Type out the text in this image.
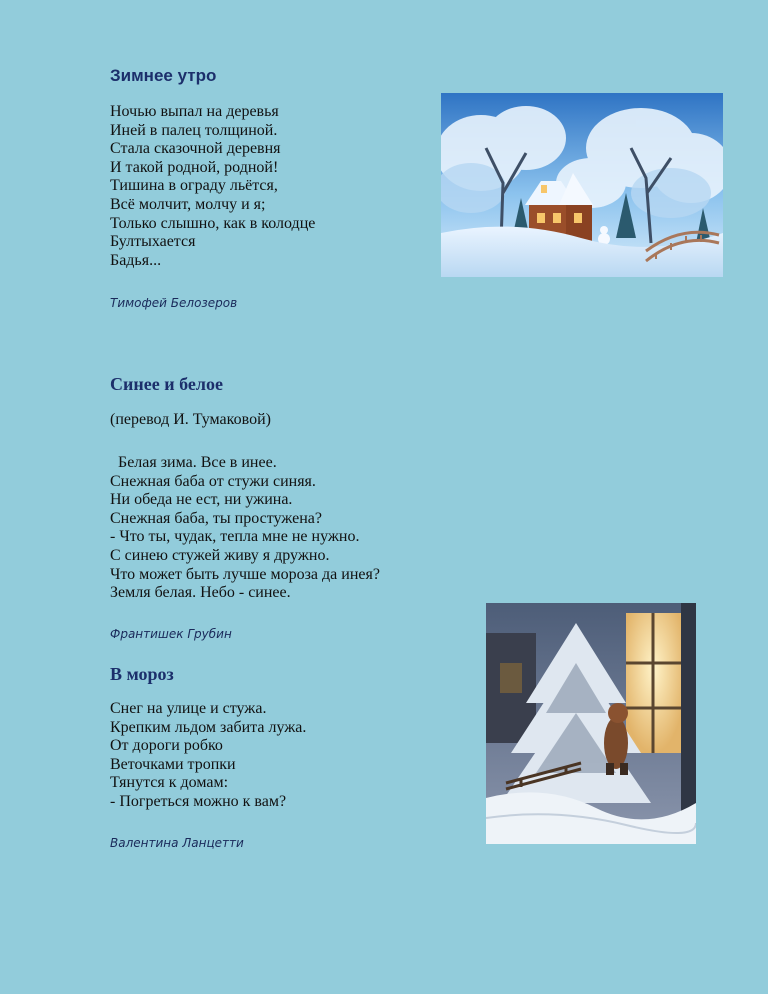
Зимнее утро
Ночью выпал на деревья
Иней в палец толщиной.
Стала сказочной деревня
И такой родной, родной!
Тишина в ограду льётся,
Всё молчит, молчу и я;
Только слышно, как в колодце
Бултыхается
Бадья...

Тимофей Белозеров

Синее и белое

(перевод И. Тумаковой)

Белая зима. Все в инее.
Снежная баба от стужи синяя.
Ни обеда не ест, ни ужина.
Снежная баба, ты простужена?
- Что ты, чудак, тепла мне не нужно.
С синею стужей живу я дружно.
Что может быть лучше мороза да инея?
Земля белая. Небо - синее.

Франтишек Грубин

В мороз
Снег на улице и стужа.
Крепким льдом забита лужа.
От дороги робко
Веточками тропки
Тянутся к домам:
- Погреться можно к вам?

Валентина Ланцетти
